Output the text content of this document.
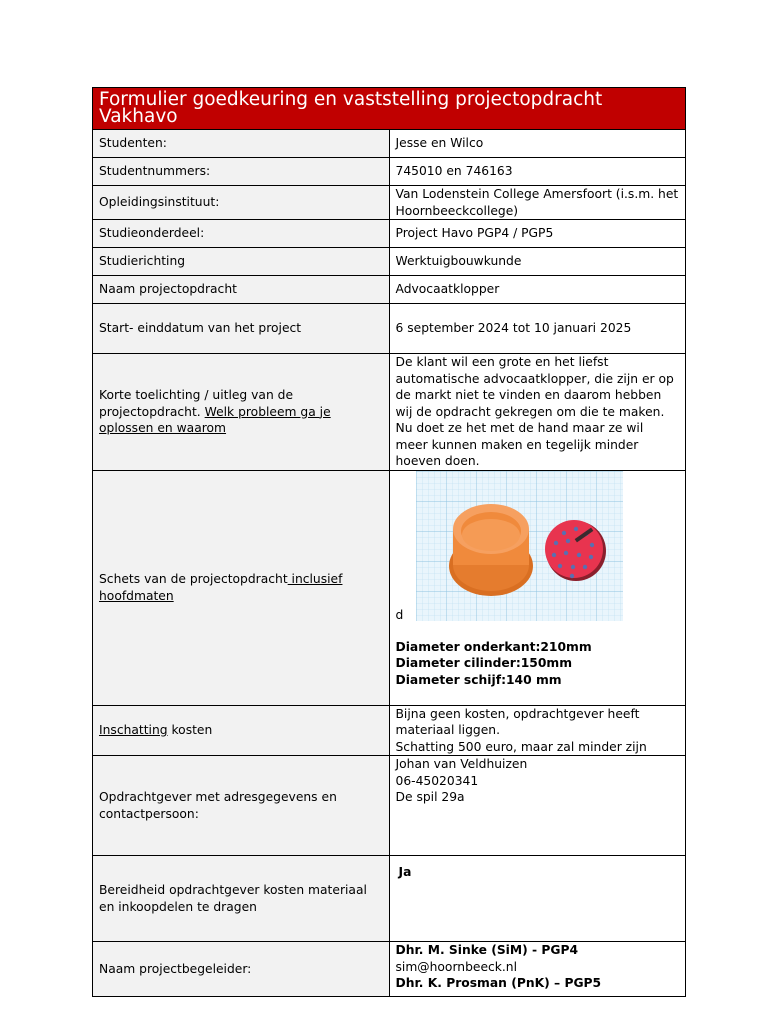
Formulier goedkeuring en vaststelling projectopdracht Vakhavo	
Studenten:	Jesse en Wilco
Studentnummers:	745010 en 746163
Opleidingsinstituut:	Van Lodenstein College Amersfoort (i.s.m. het Hoornbeeckcollege)
Studieonderdeel:	Project Havo PGP4 / PGP5
Studierichting	Werktuigbouwkunde
Naam projectopdracht	Advocaatklopper
Start- einddatum van het project	6 september 2024 tot 10 januari 2025
Korte toelichting / uitleg van de projectopdracht. Welk probleem ga je oplossen en waarom	De klant wil een grote en het liefst automatische advocaatklopper, die zijn er op de markt niet te vinden en daarom hebben wij de opdracht gekregen om die te maken. Nu doet ze het met de hand maar ze wil meer kunnen maken en tegelijk minder hoeven doen.
Schets van de projectopdracht inclusief hoofdmaten	d
Diameter onderkant:210mm
Diameter cilinder:150mm
Diameter schijf:140 mm

Inschatting kosten	Bijna geen kosten, opdrachtgever heeft materiaal liggen.
Schatting 500 euro, maar zal minder zijn

Opdrachtgever met adresgegevens en contactpersoon:	Johan van Veldhuizen
06-45020341
De spil 29a

Bereidheid opdrachtgever kosten materiaal en inkoopdelen te dragen	Ja
Naam projectbegeleider:	Dhr. M. Sinke (SiM) - PGP4
sim@hoornbeeck.nl
Dhr. K. Prosman (PnK) – PGP5
